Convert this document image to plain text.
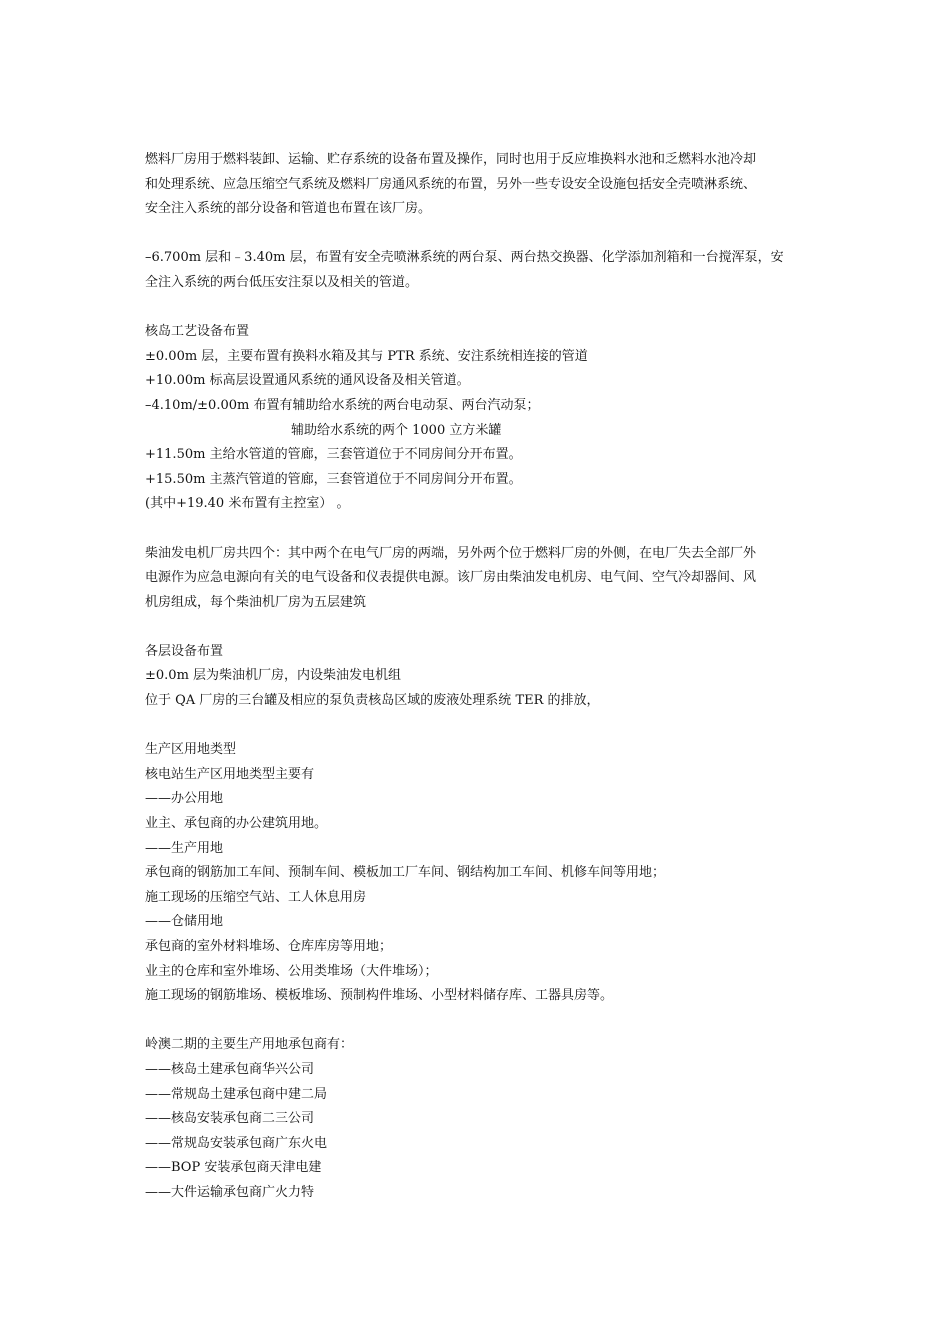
燃料厂房用于燃料装卸、运输、贮存系统的设备布置及操作，同时也用于反应堆换料水池和乏燃料水池冷却
和处理系统、应急压缩空气系统及燃料厂房通风系统的布置，另外一些专设安全设施包括安全壳喷淋系统、
安全注入系统的部分设备和管道也布置在该厂房。
–6.700m 层和﹣3.40m 层，布置有安全壳喷淋系统的两台泵、两台热交换器、化学添加剂箱和一台搅浑泵，安
全注入系统的两台低压安注泵以及相关的管道。
核岛工艺设备布置
±0.00m 层，主要布置有换料水箱及其与 PTR 系统、安注系统相连接的管道
+10.00m 标高层设置通风系统的通风设备及相关管道。
–4.10m/±0.00m 布置有辅助给水系统的两台电动泵、两台汽动泵；
辅助给水系统的两个 1000 立方米罐
+11.50m 主给水管道的管廊，三套管道位于不同房间分开布置。
+15.50m 主蒸汽管道的管廊，三套管道位于不同房间分开布置。
(其中+19.40 米布置有主控室） 。
柴油发电机厂房共四个：其中两个在电气厂房的两端，另外两个位于燃料厂房的外侧，在电厂失去全部厂外
电源作为应急电源向有关的电气设备和仪表提供电源。该厂房由柴油发电机房、电气间、空气冷却器间、风
机房组成，每个柴油机厂房为五层建筑
各层设备布置
±0.0m 层为柴油机厂房，内设柴油发电机组
位于 QA 厂房的三台罐及相应的泵负责核岛区域的废液处理系统 TER 的排放，
生产区用地类型
核电站生产区用地类型主要有
——办公用地
业主、承包商的办公建筑用地。
——生产用地
承包商的钢筋加工车间、预制车间、模板加工厂车间、钢结构加工车间、机修车间等用地；
施工现场的压缩空气站、工人休息用房
——仓储用地
承包商的室外材料堆场、仓库库房等用地；
业主的仓库和室外堆场、公用类堆场（大件堆场）；
施工现场的钢筋堆场、模板堆场、预制构件堆场、小型材料储存库、工器具房等。
岭澳二期的主要生产用地承包商有：
——核岛土建承包商华兴公司
——常规岛土建承包商中建二局
——核岛安装承包商二三公司
——常规岛安装承包商广东火电
——BOP 安装承包商天津电建
——大件运输承包商广火力特
